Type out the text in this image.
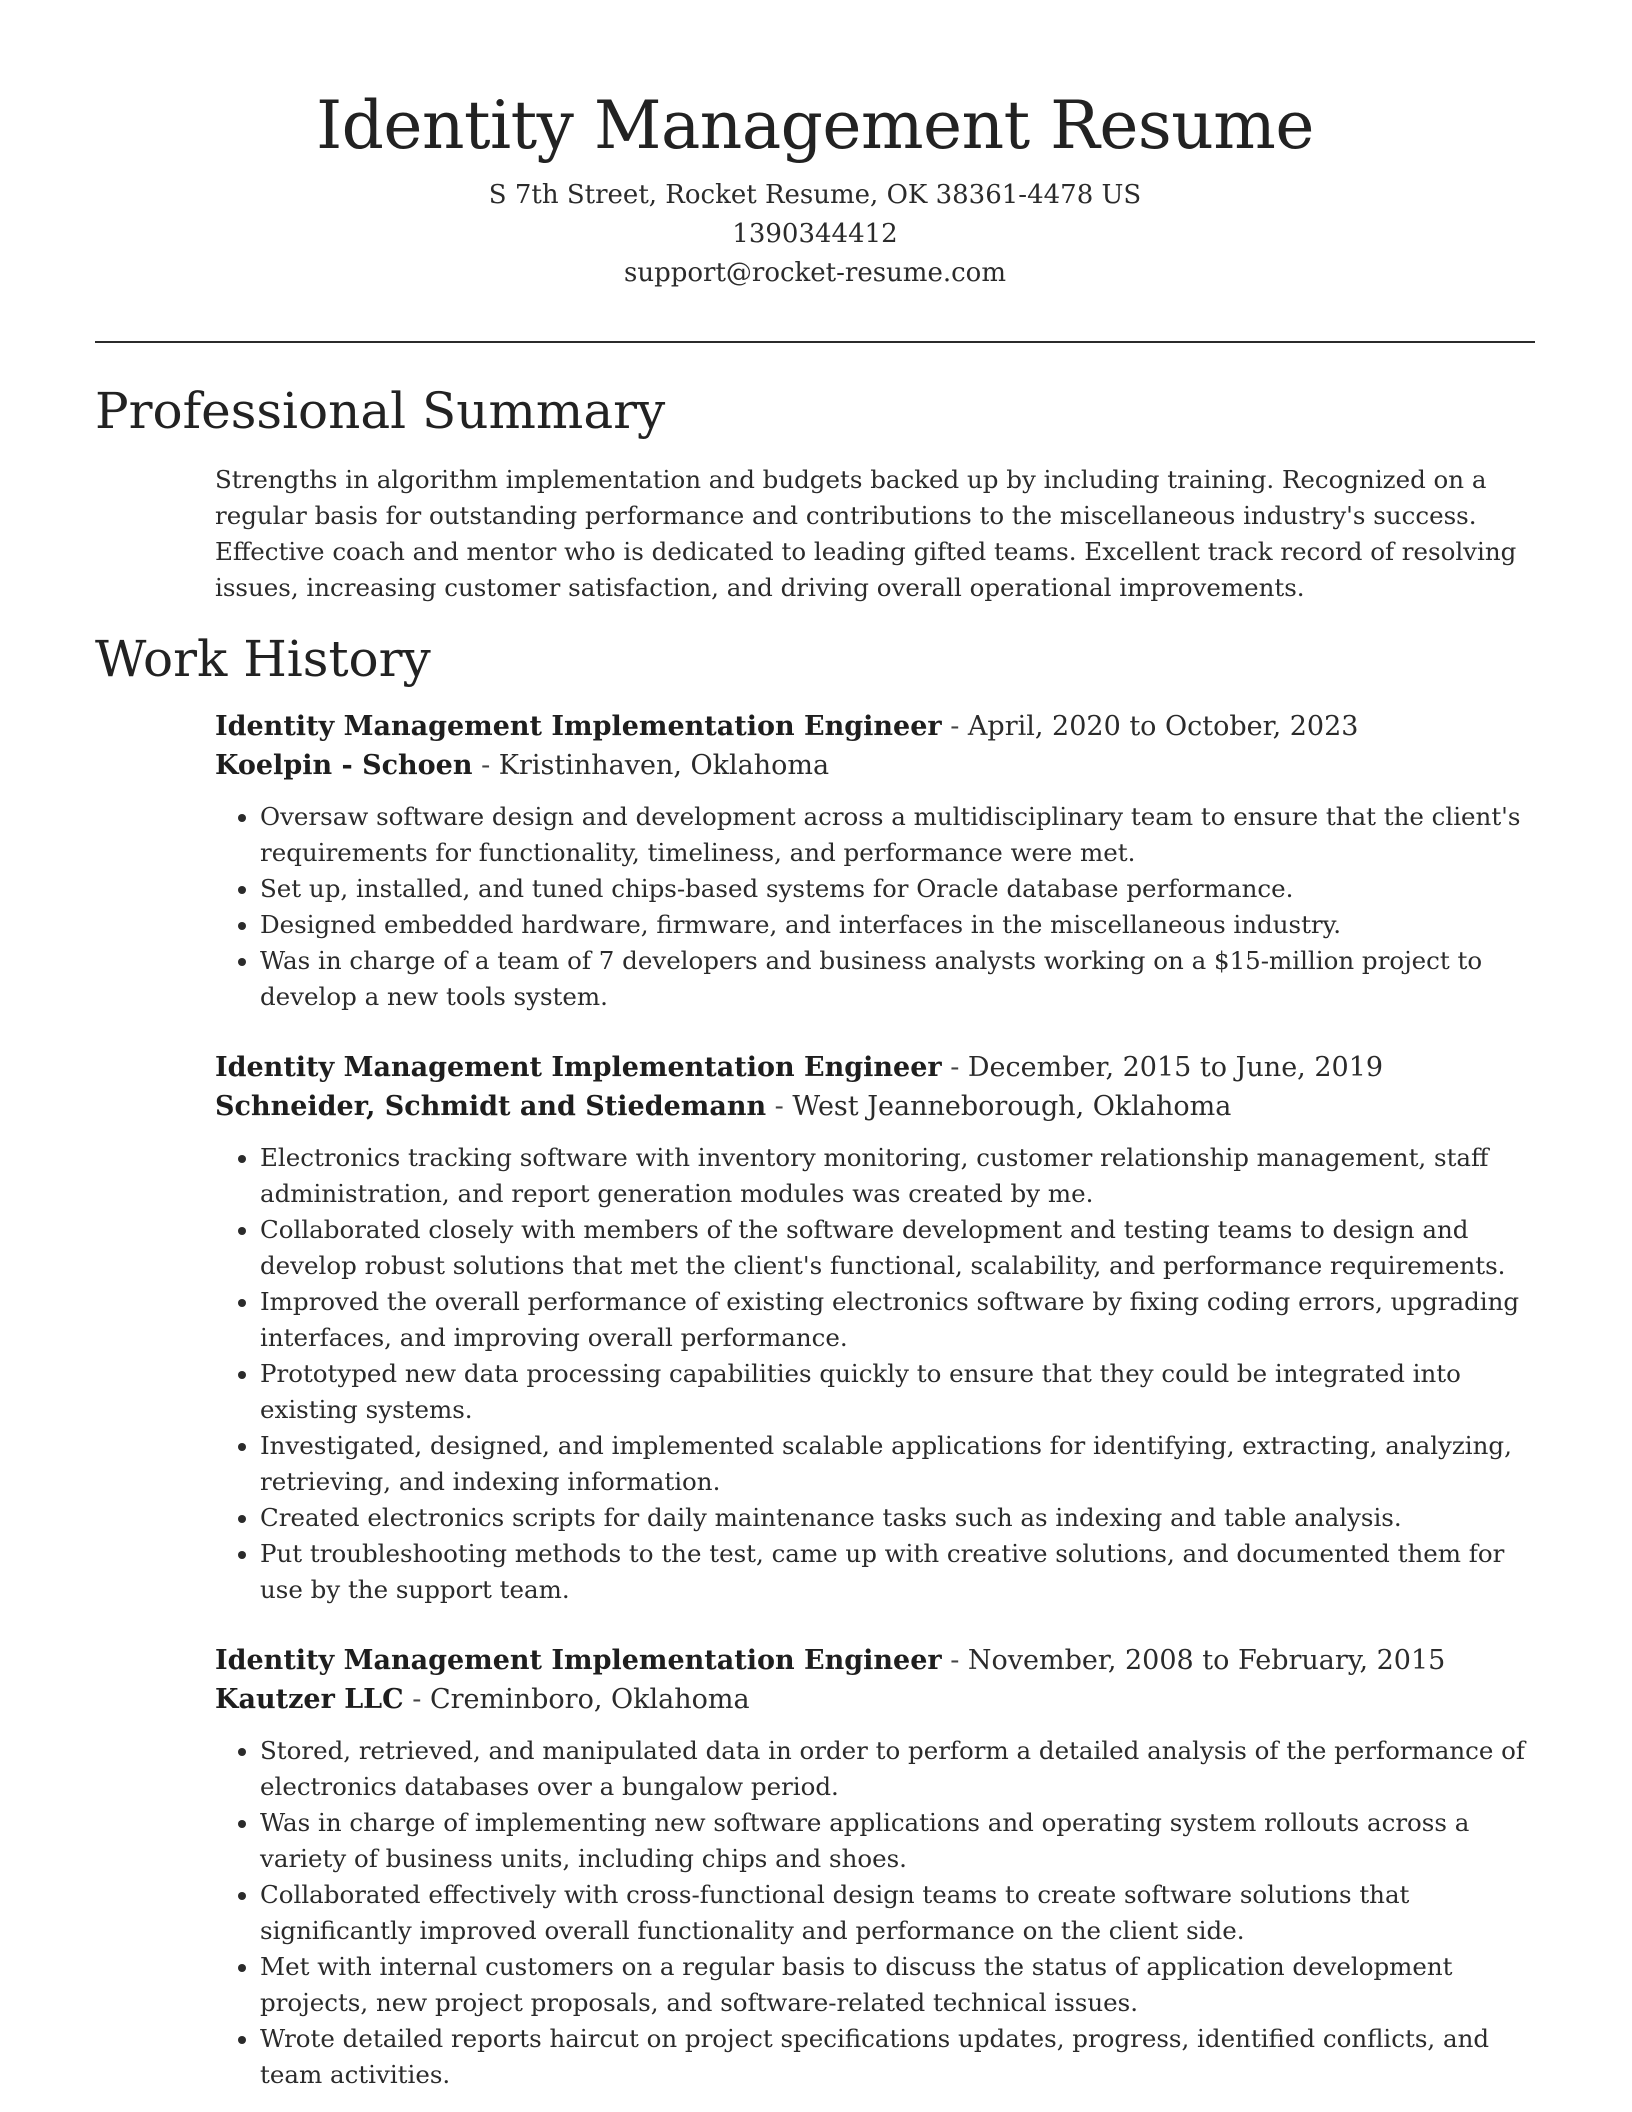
Identity Management Resume
S 7th Street, Rocket Resume, OK 38361-4478 US
1390344412
support@rocket-resume.com
Professional Summary
Strengths in algorithm implementation and budgets backed up by including training. Recognized on a regular basis for outstanding performance and contributions to the miscellaneous industry's success. Effective coach and mentor who is dedicated to leading gifted teams. Excellent track record of resolving issues, increasing customer satisfaction, and driving overall operational improvements.
Work History
Identity Management Implementation Engineer - April, 2020 to October, 2023
Koelpin - Schoen - Kristinhaven, Oklahoma
• Oversaw software design and development across a multidisciplinary team to ensure that the client's requirements for functionality, timeliness, and performance were met.
• Set up, installed, and tuned chips-based systems for Oracle database performance.
• Designed embedded hardware, firmware, and interfaces in the miscellaneous industry.
• Was in charge of a team of 7 developers and business analysts working on a $15-million project to develop a new tools system.
Identity Management Implementation Engineer - December, 2015 to June, 2019
Schneider, Schmidt and Stiedemann - West Jeanneborough, Oklahoma
• Electronics tracking software with inventory monitoring, customer relationship management, staff administration, and report generation modules was created by me.
• Collaborated closely with members of the software development and testing teams to design and develop robust solutions that met the client's functional, scalability, and performance requirements.
• Improved the overall performance of existing electronics software by fixing coding errors, upgrading interfaces, and improving overall performance.
• Prototyped new data processing capabilities quickly to ensure that they could be integrated into existing systems.
• Investigated, designed, and implemented scalable applications for identifying, extracting, analyzing, retrieving, and indexing information.
• Created electronics scripts for daily maintenance tasks such as indexing and table analysis.
• Put troubleshooting methods to the test, came up with creative solutions, and documented them for use by the support team.
Identity Management Implementation Engineer - November, 2008 to February, 2015
Kautzer LLC - Creminboro, Oklahoma
• Stored, retrieved, and manipulated data in order to perform a detailed analysis of the performance of electronics databases over a bungalow period.
• Was in charge of implementing new software applications and operating system rollouts across a variety of business units, including chips and shoes.
• Collaborated effectively with cross-functional design teams to create software solutions that significantly improved overall functionality and performance on the client side.
• Met with internal customers on a regular basis to discuss the status of application development projects, new project proposals, and software-related technical issues.
• Wrote detailed reports haircut on project specifications updates, progress, identified conflicts, and team activities.
